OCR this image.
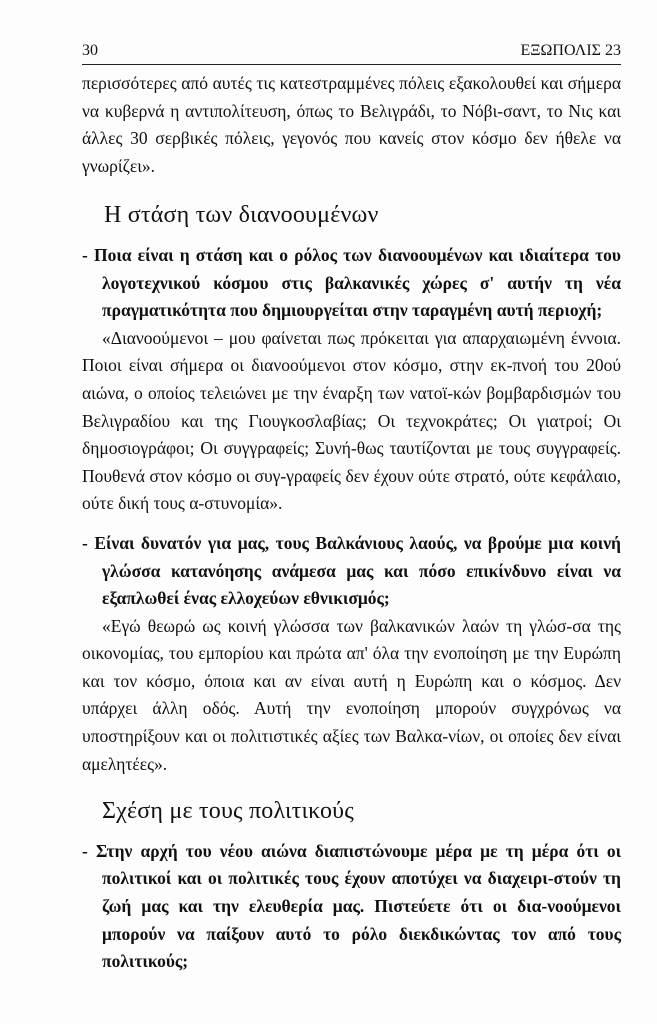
30	ΕΞΩΠΟΛΙΣ 23

περισσότερες από αυτές τις κατεστραμμένες πόλεις εξακολουθεί και σήμερα να κυβερνά η αντιπολίτευση, όπως το Βελιγράδι, το Νόβι-σαντ, το Νις και άλλες 30 σερβικές πόλεις, γεγονός που κανείς στον κόσμο δεν ήθελε να γνωρίζει».

Η στάση των διανοουμένων

- Ποια είναι η στάση και ο ρόλος των διανοουμένων και ιδιαίτερα του λογοτεχνικού κόσμου στις βαλκανικές χώρες σ' αυτήν τη νέα πραγματικότητα που δημιουργείται στην ταραγμένη αυτή περιοχή;

«Διανοούμενοι – μου φαίνεται πως πρόκειται για απαρχαιωμένη έννοια. Ποιοι είναι σήμερα οι διανοούμενοι στον κόσμο, στην εκ-πνοή του 20ού αιώνα, ο οποίος τελειώνει με την έναρξη των νατοϊ-κών βομβαρδισμών του Βελιγραδίου και της Γιουγκοσλαβίας; Οι τεχνοκράτες; Οι γιατροί; Οι δημοσιογράφοι; Οι συγγραφείς; Συνή-θως ταυτίζονται με τους συγγραφείς. Πουθενά στον κόσμο οι συγ-γραφείς δεν έχουν ούτε στρατό, ούτε κεφάλαιο, ούτε δική τους α-στυνομία».

- Είναι δυνατόν για μας, τους Βαλκάνιους λαούς, να βρούμε μια κοινή γλώσσα κατανόησης ανάμεσα μας και πόσο επικίνδυνο είναι να εξαπλωθεί ένας ελλοχεύων εθνικισμός;

«Εγώ θεωρώ ως κοινή γλώσσα των βαλκανικών λαών τη γλώσ-σα της οικονομίας, του εμπορίου και πρώτα απ' όλα την ενοποίηση με την Ευρώπη και τον κόσμο, όποια και αν είναι αυτή η Ευρώπη και ο κόσμος. Δεν υπάρχει άλλη οδός. Αυτή την ενοποίηση μπορούν συγχρόνως να υποστηρίξουν και οι πολιτιστικές αξίες των Βαλκα-νίων, οι οποίες δεν είναι αμελητέες».

Σχέση με τους πολιτικούς

- Στην αρχή του νέου αιώνα διαπιστώνουμε μέρα με τη μέρα ότι οι πολιτικοί και οι πολιτικές τους έχουν αποτύχει να διαχειρι-στούν τη ζωή μας και την ελευθερία μας. Πιστεύετε ότι οι δια-νοούμενοι μπορούν να παίξουν αυτό το ρόλο διεκδικώντας τον από τους πολιτικούς;
